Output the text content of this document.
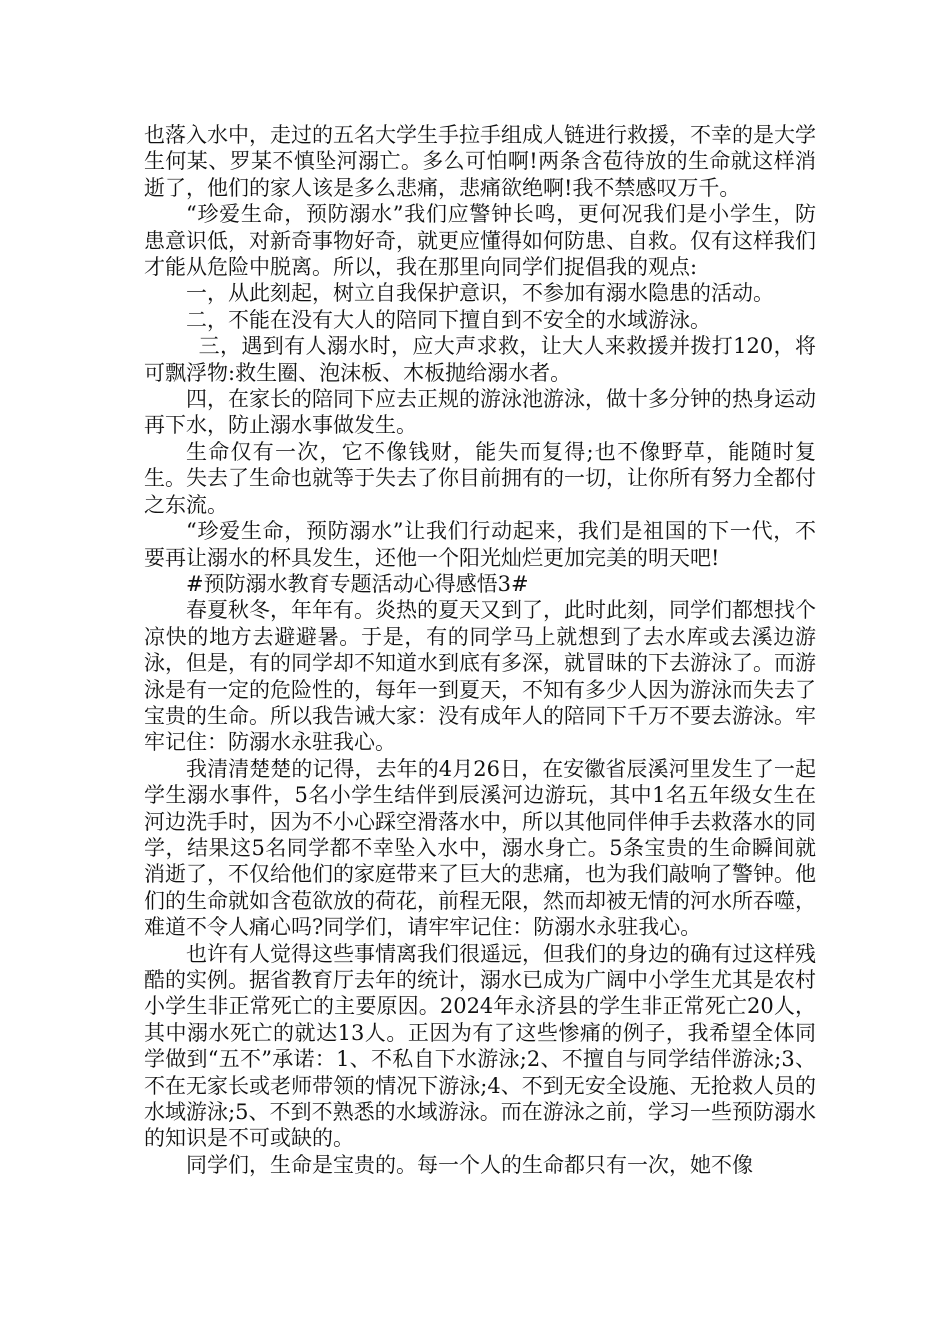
也落入水中，走过的五名大学生手拉手组成人链进行救援，不幸的是大学生何某、罗某不慎坠河溺亡。多么可怕啊!两条含苞待放的生命就这样消逝了，他们的家人该是多么悲痛，悲痛欲绝啊!我不禁感叹万千。

“珍爱生命，预防溺水”我们应警钟长鸣，更何况我们是小学生，防患意识低，对新奇事物好奇，就更应懂得如何防患、自救。仅有这样我们才能从危险中脱离。所以，我在那里向同学们捉倡我的观点:

一，从此刻起，树立自我保护意识，不参加有溺水隐患的活动。

二，不能在没有大人的陪同下擅自到不安全的水域游泳。

三，遇到有人溺水时，应大声求救，让大人来救援并拨打120，将可飘浮物:救生圈、泡沫板、木板抛给溺水者。

四，在家长的陪同下应去正规的游泳池游泳，做十多分钟的热身运动再下水，防止溺水事做发生。

生命仅有一次，它不像钱财，能失而复得;也不像野草，能随时复生。失去了生命也就等于失去了你目前拥有的一切，让你所有努力全都付之东流。

“珍爱生命，预防溺水”让我们行动起来，我们是祖国的下一代，不要再让溺水的杯具发生，还他一个阳光灿烂更加完美的明天吧!

#预防溺水教育专题活动心得感悟3#

春夏秋冬，年年有。炎热的夏天又到了，此时此刻，同学们都想找个凉快的地方去避避暑。于是，有的同学马上就想到了去水库或去溪边游泳，但是，有的同学却不知道水到底有多深，就冒昧的下去游泳了。而游泳是有一定的危险性的，每年一到夏天，不知有多少人因为游泳而失去了宝贵的生命。所以我告诫大家：没有成年人的陪同下千万不要去游泳。牢牢记住：防溺水永驻我心。

我清清楚楚的记得，去年的4月26日，在安徽省辰溪河里发生了一起学生溺水事件，5名小学生结伴到辰溪河边游玩，其中1名五年级女生在河边洗手时，因为不小心踩空滑落水中，所以其他同伴伸手去救落水的同学，结果这5名同学都不幸坠入水中，溺水身亡。5条宝贵的生命瞬间就消逝了，不仅给他们的家庭带来了巨大的悲痛，也为我们敲响了警钟。他们的生命就如含苞欲放的荷花，前程无限，然而却被无情的河水所吞噬，难道不令人痛心吗?同学们，请牢牢记住：防溺水永驻我心。

也许有人觉得这些事情离我们很遥远，但我们的身边的确有过这样残酷的实例。据省教育厅去年的统计，溺水已成为广阔中小学生尤其是农村小学生非正常死亡的主要原因。2024年永济县的学生非正常死亡20人，其中溺水死亡的就达13人。正因为有了这些惨痛的例子，我希望全体同学做到“五不”承诺：1、不私自下水游泳;2、不擅自与同学结伴游泳;3、不在无家长或老师带领的情况下游泳;4、不到无安全设施、无抢救人员的水域游泳;5、不到不熟悉的水域游泳。而在游泳之前，学习一些预防溺水的知识是不可或缺的。

同学们，生命是宝贵的。每一个人的生命都只有一次，她不像
